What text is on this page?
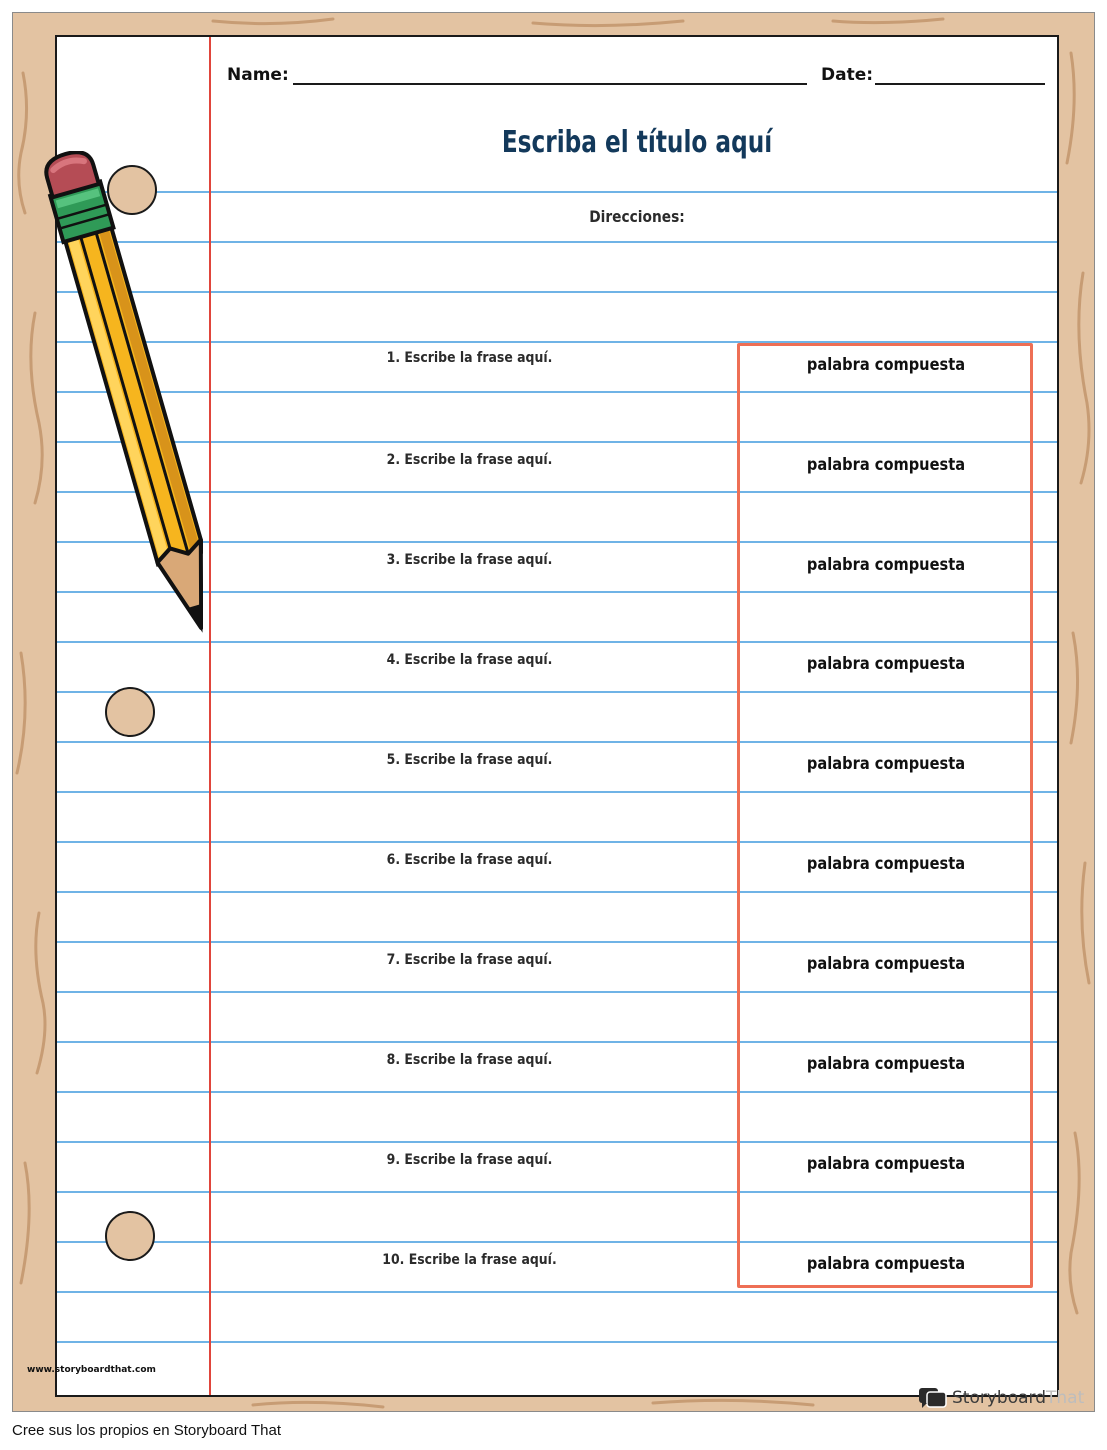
Name:	Date:
Escriba el título aquí
Direcciones:
1. Escribe la frase aquí.	palabra compuesta
2. Escribe la frase aquí.	palabra compuesta
3. Escribe la frase aquí.	palabra compuesta
4. Escribe la frase aquí.	palabra compuesta
5. Escribe la frase aquí.	palabra compuesta
6. Escribe la frase aquí.	palabra compuesta
7. Escribe la frase aquí.	palabra compuesta
8. Escribe la frase aquí.	palabra compuesta
9. Escribe la frase aquí.	palabra compuesta
10. Escribe la frase aquí.	palabra compuesta
www.storyboardthat.com
StoryboardThat
Cree sus los propios en Storyboard That
